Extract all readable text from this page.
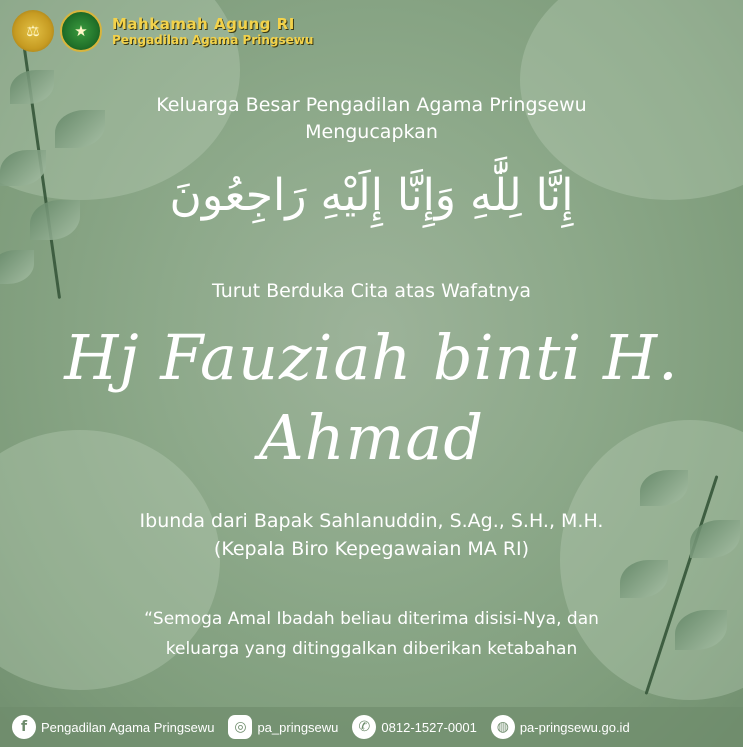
⚖ ★ Mahkamah Agung RI
Pengadilan Agama Pringsewu
Keluarga Besar Pengadilan Agama Pringsewu
Mengucapkan
إِنَّا لِلَّٰهِ وَإِنَّا إِلَيْهِ رَاجِعُونَ
Turut Berduka Cita atas Wafatnya
Hj Fauziah binti H. Ahmad
Ibunda dari Bapak Sahlanuddin, S.Ag., S.H., M.H.
(Kepala Biro Kepegawaian MA RI)
“Semoga Amal Ibadah beliau diterima disisi-Nya, dan
keluarga yang ditinggalkan diberikan ketabahan
f	Pengadilan Agama Pringsewu	◎ pa_pringsewu	✆ 0812-1527-0001	◍ pa-pringsewu.go.id
